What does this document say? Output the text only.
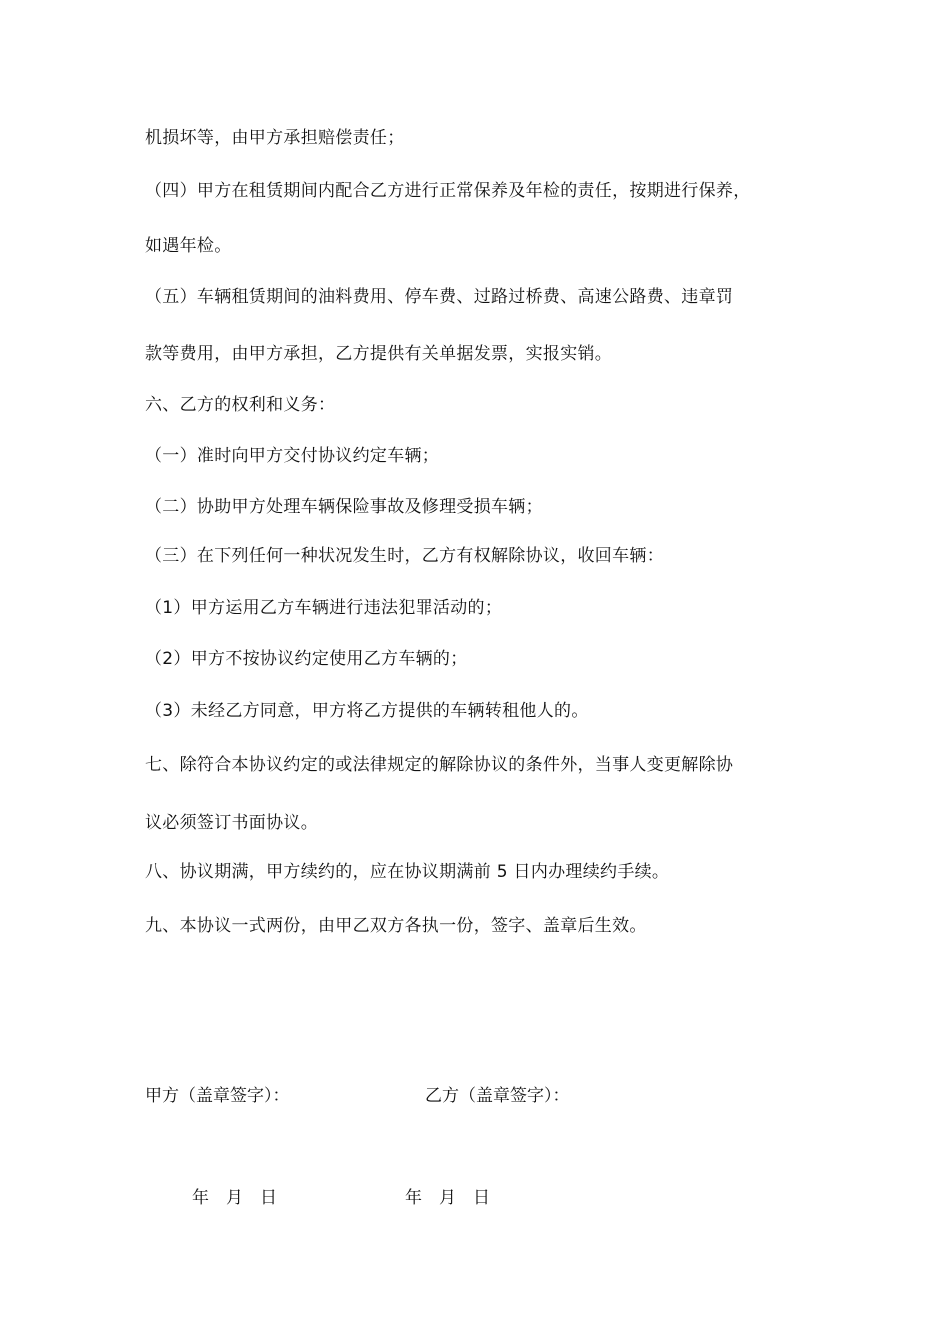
机损坏等，由甲方承担赔偿责任；
（四）甲方在租赁期间内配合乙方进行正常保养及年检的责任，按期进行保养，
如遇年检。
（五）车辆租赁期间的油料费用、停车费、过路过桥费、高速公路费、违章罚
款等费用，由甲方承担，乙方提供有关单据发票，实报实销。
六、乙方的权利和义务：
（一）准时向甲方交付协议约定车辆；
（二）协助甲方处理车辆保险事故及修理受损车辆；
（三）在下列任何一种状况发生时，乙方有权解除协议，收回车辆：
（1）甲方运用乙方车辆进行违法犯罪活动的；
（2）甲方不按协议约定使用乙方车辆的；
（3）未经乙方同意，甲方将乙方提供的车辆转租他人的。
七、除符合本协议约定的或法律规定的解除协议的条件外，当事人变更解除协
议必须签订书面协议。
八、协议期满，甲方续约的，应在协议期满前 5 日内办理续约手续。
九、本协议一式两份，由甲乙双方各执一份，签字、盖章后生效。
甲方（盖章签字）：	乙方（盖章签字）：
年　月　日	年　月　日
